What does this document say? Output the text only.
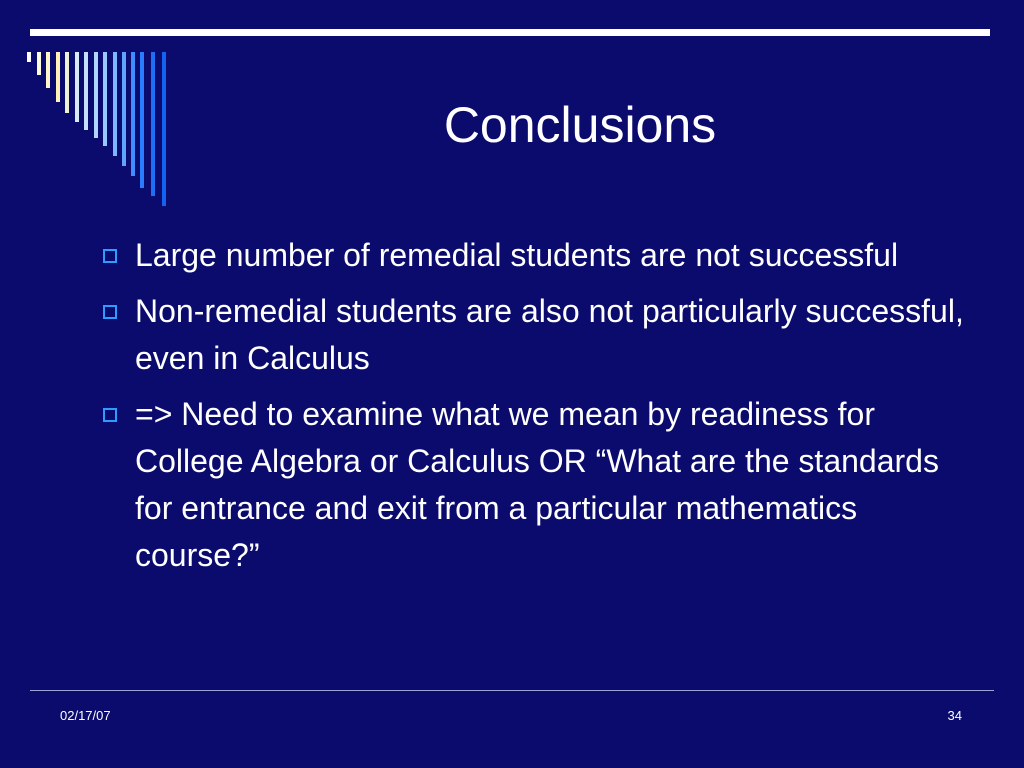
Conclusions
Large number of remedial students are not successful
Non-remedial students are also not particularly successful, even in Calculus
=> Need to examine what we mean by readiness for College Algebra or Calculus OR “What are the standards for entrance and exit from a particular mathematics course?”
02/17/07	34
